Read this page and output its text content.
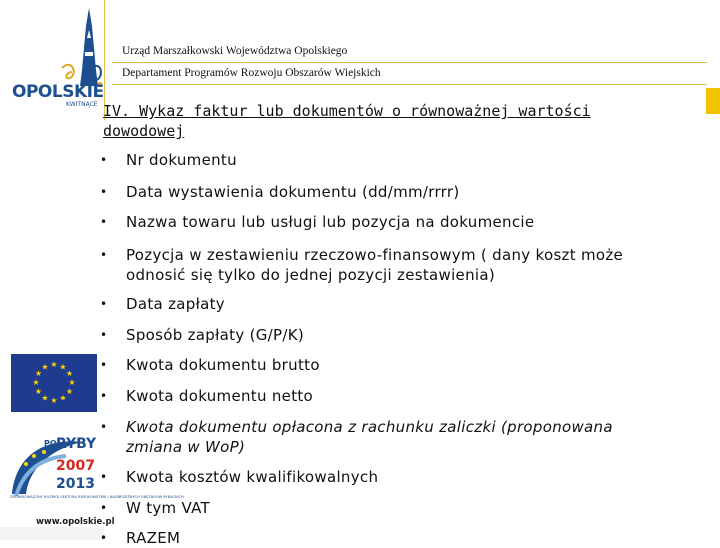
OPOLSKIE
KWITNĄCE
★ ★
★
★
★
★
★
★
★
★
★
★
PO RYBY
2007
2013
ZRÓWNOWAŻONY ROZWÓJ SEKTORA RYBOŁÓWSTWA I NADBRZEŻNYCH OBSZARÓW RYBACKICH
www.opolskie.pl
Urząd Marszałkowski Województwa Opolskiego
Departament Programów Rozwoju Obszarów Wiejskich
IV. Wykaz faktur lub dokumentów o równoważnej wartości
dowodowej
•	Nr dokumentu
•	Data wystawienia dokumentu (dd/mm/rrrr)
•	Nazwa towaru lub usługi lub pozycja na dokumencie
•	Pozycja w zestawieniu rzeczowo-finansowym ( dany koszt może
odnosić się tylko do jednej pozycji zestawienia)
•	Data zapłaty
•	Sposób zapłaty (G/P/K)
•	Kwota dokumentu brutto
•	Kwota dokumentu netto
•	Kwota dokumentu opłacona z rachunku zaliczki (proponowana
zmiana w WoP)
•	Kwota kosztów kwalifikowalnych
•	W tym VAT
•	RAZEM
